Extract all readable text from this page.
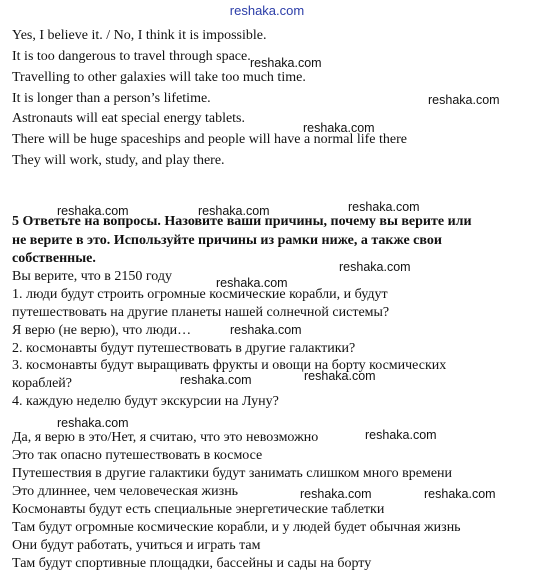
reshaka.com
Yes, I believe it. / No, I think it is impossible.
It is too dangerous to travel through space.
Travelling to other galaxies will take too much time.
It is longer than a person’s lifetime.
Astronauts will eat special energy tablets.
There will be huge spaceships and people will have a normal life there
They will work, study, and play there.
5 Ответьте на вопросы. Назовите ваши причины, почему вы верите или
не верите в это. Используйте причины из рамки ниже, а также свои
собственные.
Вы верите, что в 2150 году
1. люди будут строить огромные космические корабли, и будут
путешествовать на другие планеты нашей солнечной системы?
Я верю (не верю), что люди…
2. космонавты будут путешествовать в другие галактики?
3. космонавты будут выращивать фрукты и овощи на борту космических
кораблей?
4. каждую неделю будут экскурсии на Луну?
Да, я верю в это/Нет, я считаю, что это невозможно
Это так опасно путешествовать в космосе
Путешествия в другие галактики будут занимать слишком много времени
Это длиннее, чем человеческая жизнь
Космонавты будут есть специальные энергетические таблетки
Там будут огромные космические корабли, и у людей будет обычная жизнь
Они будут работать, учиться и играть там
Там будут спортивные площадки, бассейны и сады на борту
reshaka.com
reshaka.com
reshaka.com
reshaka.com
reshaka.com	reshaka.com
reshaka.com
reshaka.com
reshaka.com
reshaka.com
reshaka.com
reshaka.com
reshaka.com
reshaka.com	reshaka.com
